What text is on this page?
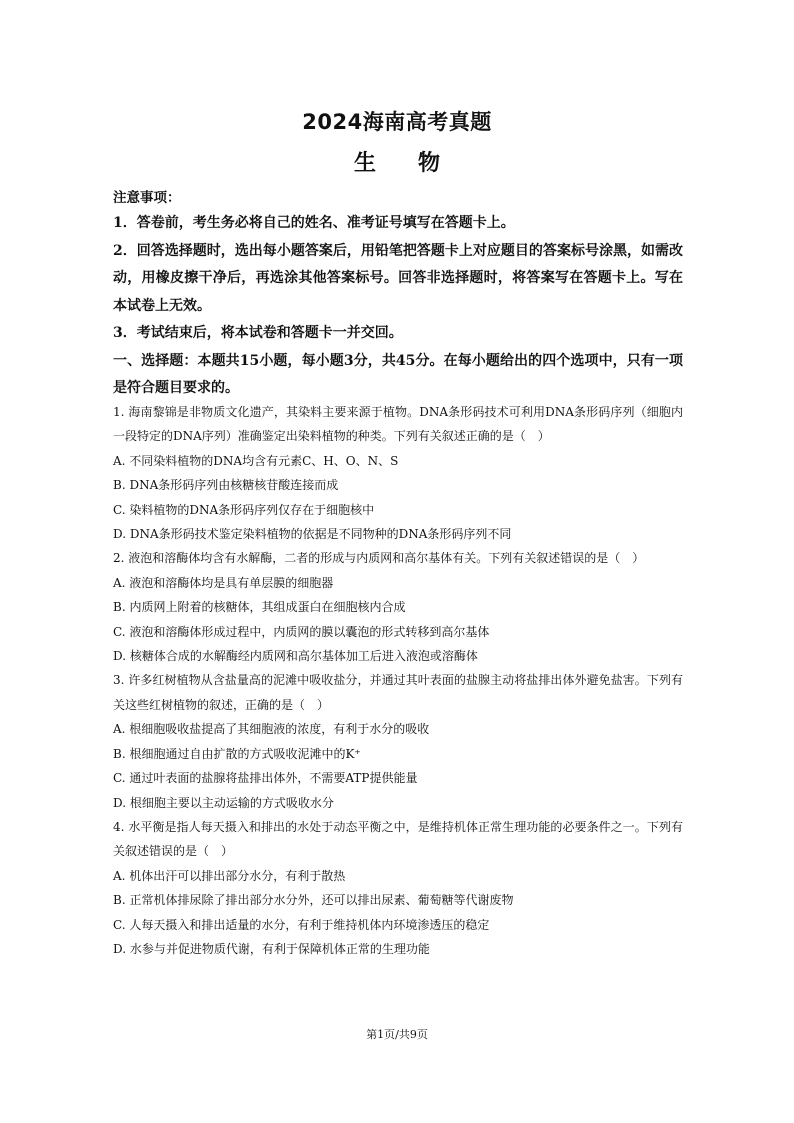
2024海南高考真题
生物
注意事项：

1．答卷前，考生务必将自己的姓名、准考证号填写在答题卡上。

2．回答选择题时，选出每小题答案后，用铅笔把答题卡上对应题目的答案标号涂黑，如需改动，用橡皮擦干净后，再选涂其他答案标号。回答非选择题时，将答案写在答题卡上。写在本试卷上无效。

3．考试结束后，将本试卷和答题卡一并交回。

一、选择题：本题共15小题，每小题3分，共45分。在每小题给出的四个选项中，只有一项是符合题目要求的。

1. 海南黎锦是非物质文化遗产，其染料主要来源于植物。DNA条形码技术可利用DNA条形码序列（细胞内一段特定的DNA序列）准确鉴定出染料植物的种类。下列有关叙述正确的是（　）

A. 不同染料植物的DNA均含有元素C、H、O、N、S

B. DNA条形码序列由核糖核苷酸连接而成

C. 染料植物的DNA条形码序列仅存在于细胞核中

D. DNA条形码技术鉴定染料植物的依据是不同物种的DNA条形码序列不同

2. 液泡和溶酶体均含有水解酶，二者的形成与内质网和高尔基体有关。下列有关叙述错误的是（　）

A. 液泡和溶酶体均是具有单层膜的细胞器

B. 内质网上附着的核糖体，其组成蛋白在细胞核内合成

C. 液泡和溶酶体形成过程中，内质网的膜以囊泡的形式转移到高尔基体

D. 核糖体合成的水解酶经内质网和高尔基体加工后进入液泡或溶酶体

3. 许多红树植物从含盐量高的泥滩中吸收盐分，并通过其叶表面的盐腺主动将盐排出体外避免盐害。下列有关这些红树植物的叙述，正确的是（　）

A. 根细胞吸收盐提高了其细胞液的浓度，有利于水分的吸收

B. 根细胞通过自由扩散的方式吸收泥滩中的K⁺

C. 通过叶表面的盐腺将盐排出体外，不需要ATP提供能量

D. 根细胞主要以主动运输的方式吸收水分

4. 水平衡是指人每天摄入和排出的水处于动态平衡之中，是维持机体正常生理功能的必要条件之一。下列有关叙述错误的是（　）

A. 机体出汗可以排出部分水分，有利于散热

B. 正常机体排尿除了排出部分水分外，还可以排出尿素、葡萄糖等代谢废物

C. 人每天摄入和排出适量的水分，有利于维持机体内环境渗透压的稳定

D. 水参与并促进物质代谢，有利于保障机体正常的生理功能

第1页/共9页
